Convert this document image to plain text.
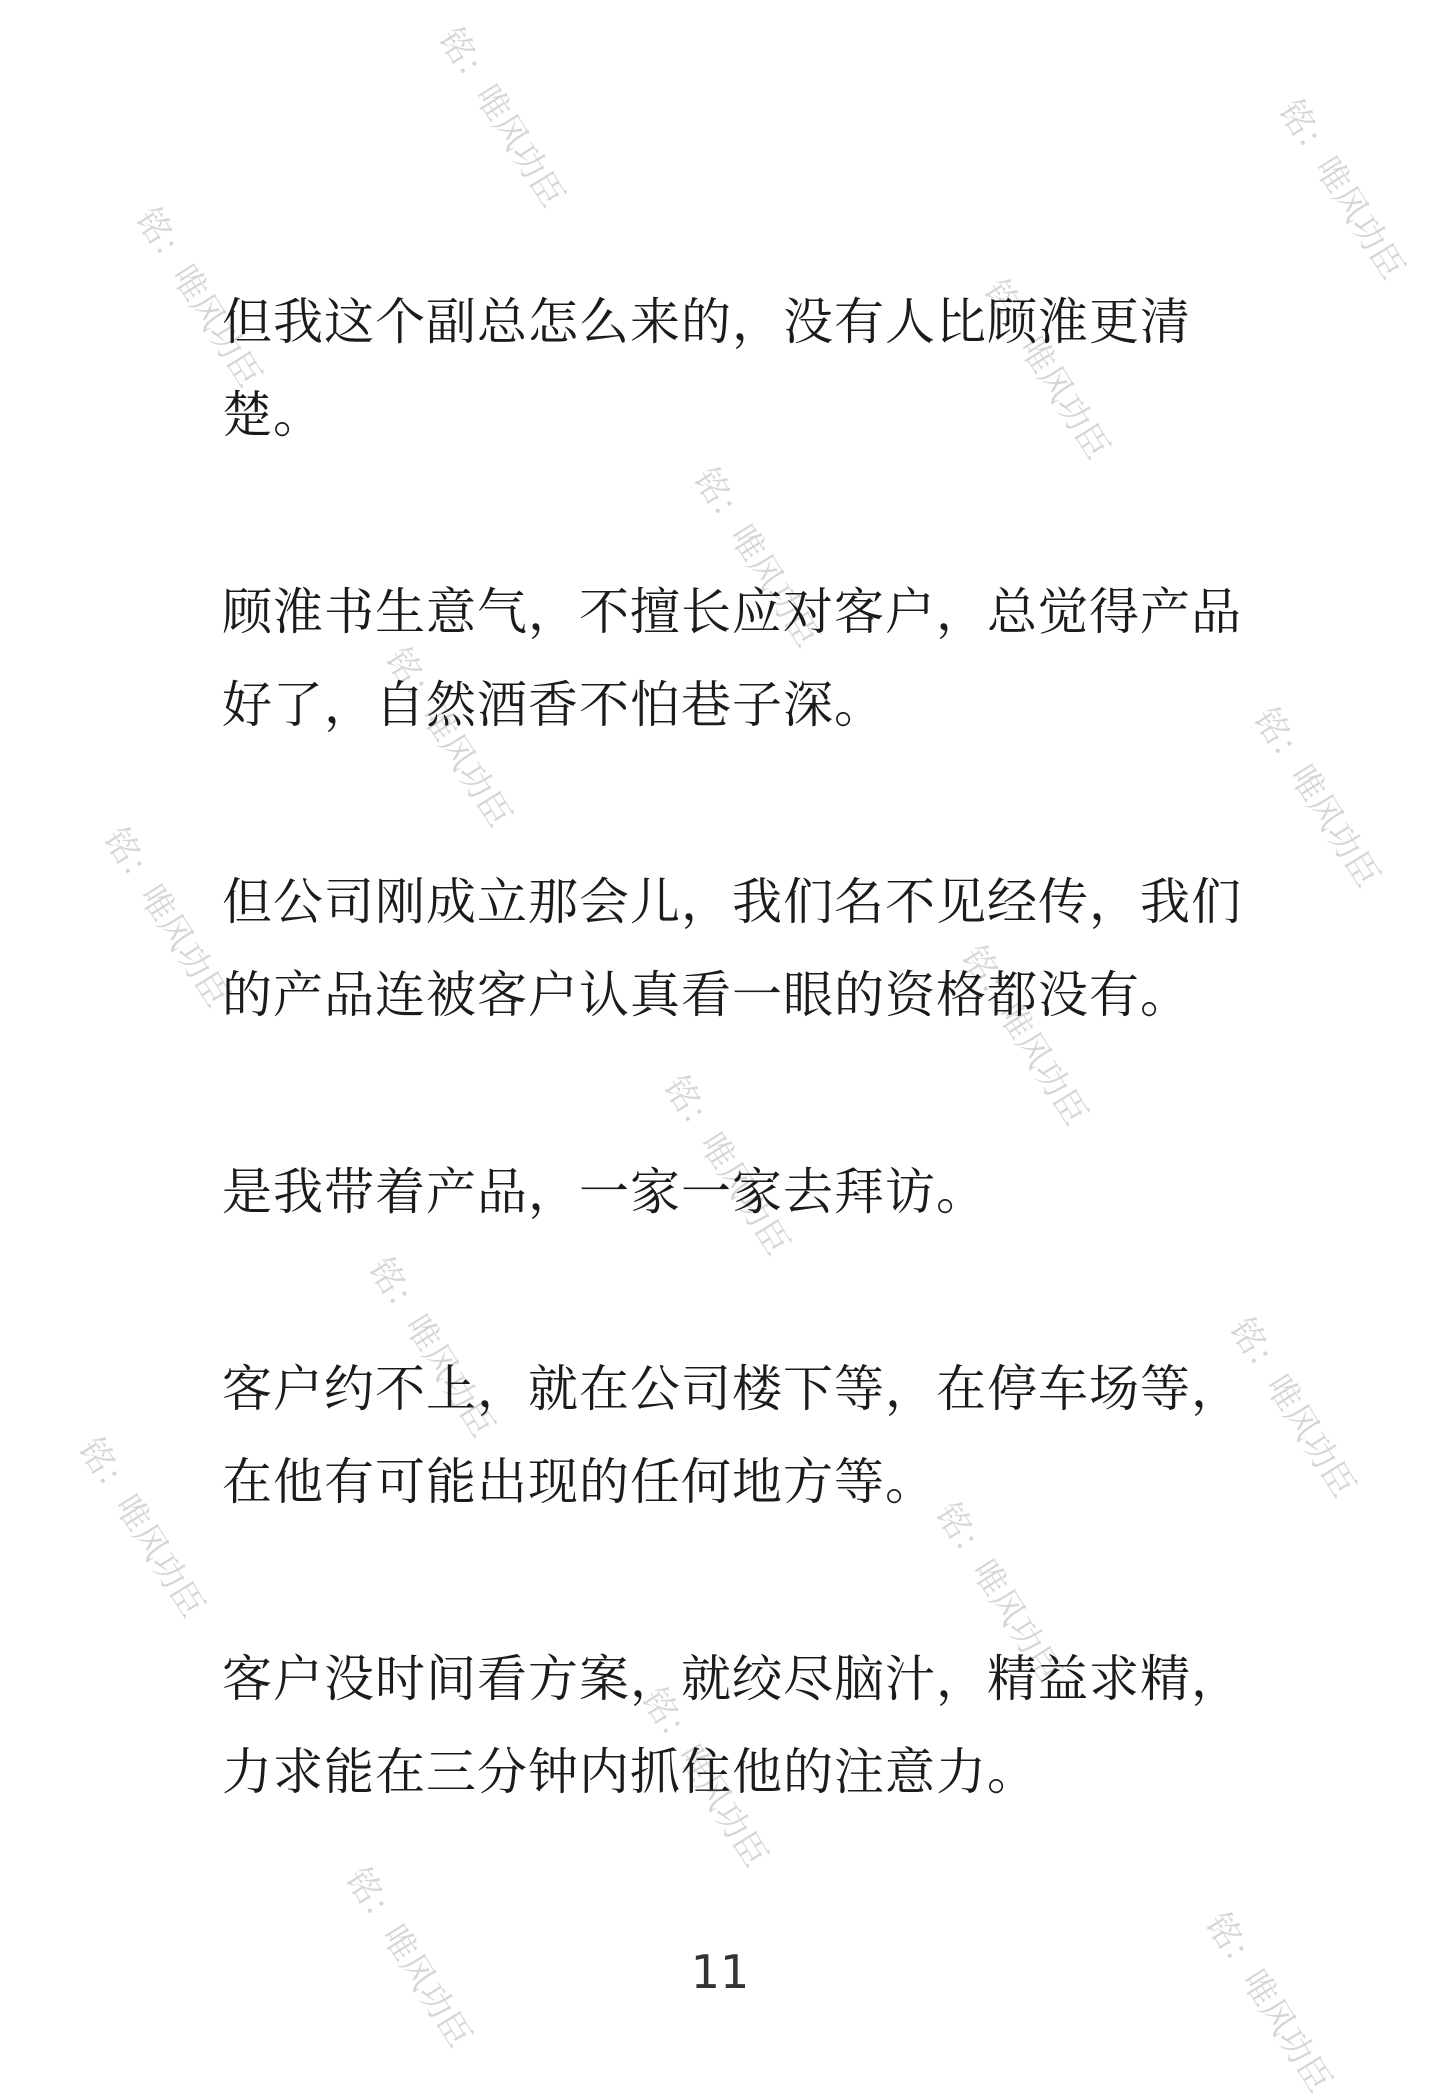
铭：唯风功臣	铭：唯风功臣
铭：唯风功臣	铭：唯风功臣
铭：唯风功臣
铭：唯风功臣	铭：唯风功臣
铭：唯风功臣
铭：唯风功臣
铭：唯风功臣
铭：唯风功臣	铭：唯风功臣
铭：唯风功臣	铭：唯风功臣
铭：唯风功臣
铭：唯风功臣	铭：唯风功臣

但我这个副总怎么来的，没有人比顾淮更清楚。

顾淮书生意气，不擅长应对客户，总觉得产品好了，自然酒香不怕巷子深。

但公司刚成立那会儿，我们名不见经传，我们的产品连被客户认真看一眼的资格都没有。

是我带着产品，一家一家去拜访。

客户约不上，就在公司楼下等，在停车场等，在他有可能出现的任何地方等。

客户没时间看方案，就绞尽脑汁，精益求精，力求能在三分钟内抓住他的注意力。

11
